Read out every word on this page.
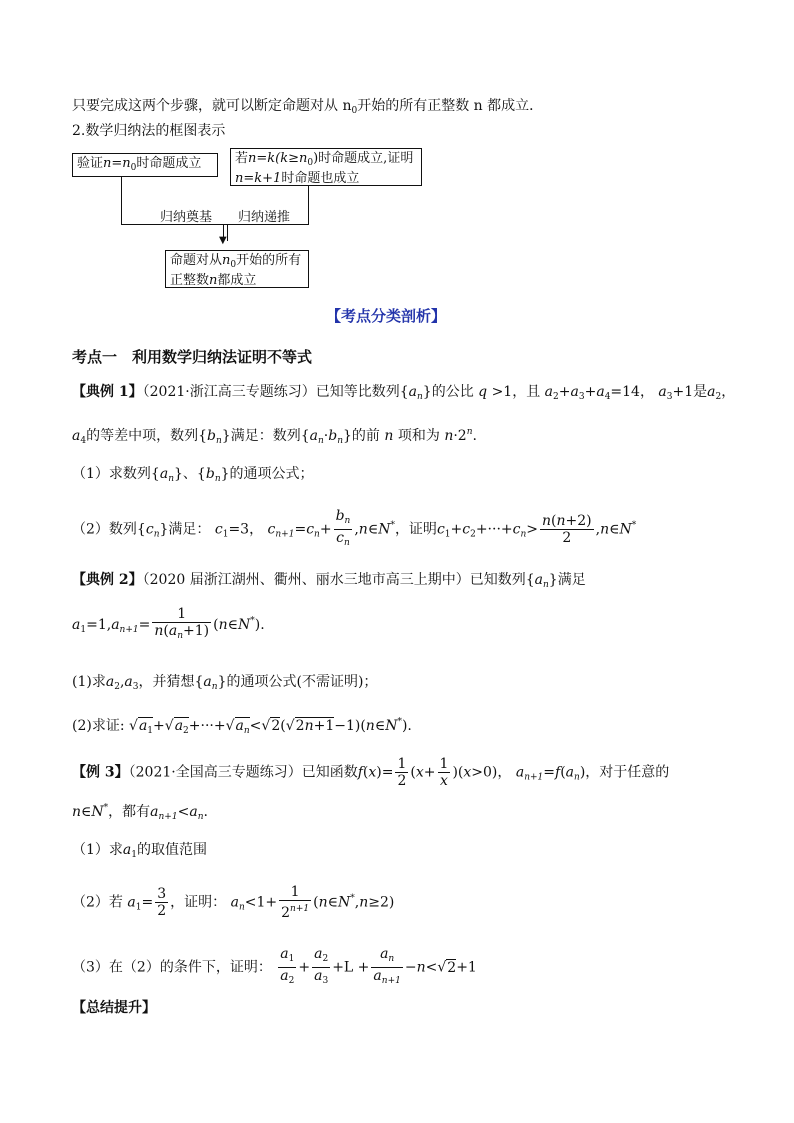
只要完成这两个步骤，就可以断定命题对从 $n_0$开始的所有正整数 n 都成立．
2.数学归纳法的框图表示
验证$n=n_0$时命题成立	若$n=k(k\ge n_0)$时命题成立,证明
n=k+1时命题也成立
归纳奠基 归纳递推
▼
命题对从$n_0$开始的所有
正整数n都成立
【考点分类剖析】
考点一　利用数学归纳法证明不等式
【典例 1】（2021·浙江高三专题练习）已知等比数列$\{a_n\}$的公比 q >1，且 $a_2+a_3+a_4=14$， $a_3+1$是$a_2$，
$a_4$的等差中项，数列$\{b_n\}$满足：数列$\{a_n\cdot b_n\}$的前 n 项和为 $n\cdot 2^n$.
（1）求数列$\{a_n\}$、$\{b_n\}$的通项公式；
（2）数列$\{c_n\}$满足： $c_1=3$， $c_{n+1}=c_n+ \frac{b_n}{c_n}$ ,n∈N*，证明$c_1+c_2+\cdot\cdot\cdot+c_n> \frac{n(n+2)}{2}$ ,n∈N*
【典例 2】（2020 届浙江湖州、衢州、丽水三地市高三上期中）已知数列$\{a_n\}$满足
$a_1=1,a_{n+1}= \frac{1}{n(a_n+1)}$ (n∈N*).
(1)求$a_2,a_3$，并猜想$\{a_n\}$的通项公式(不需证明)；
(2)求证: $√a_1+√a_2+\cdot\cdot\cdot+√a_n<√2(√2n+1-1)(n\in N^*)$.
【例 3】（2021·全国高三专题练习）已知函数$f(x)= \frac{1}{2} (x+ \frac{1}{x} )(x>0)$， $a_{n+1}=f(a_n)$，对于任意的
n∈N*，都有$a_{n+1}<a_n$.
（1）求$a_1$的取值范围
（2）若 $a_1= \frac{3}{2}$ ，证明： $a_n<1+ \frac{1}{2^{n+1}}$ (n∈N*,n≥2)
（3）在（2）的条件下，证明： $\frac{a_1}{a_2} + \frac{a_2}{a_3} +L + \frac{a_n}{a_{n+1}} -n<√2+1$
【总结提升】
